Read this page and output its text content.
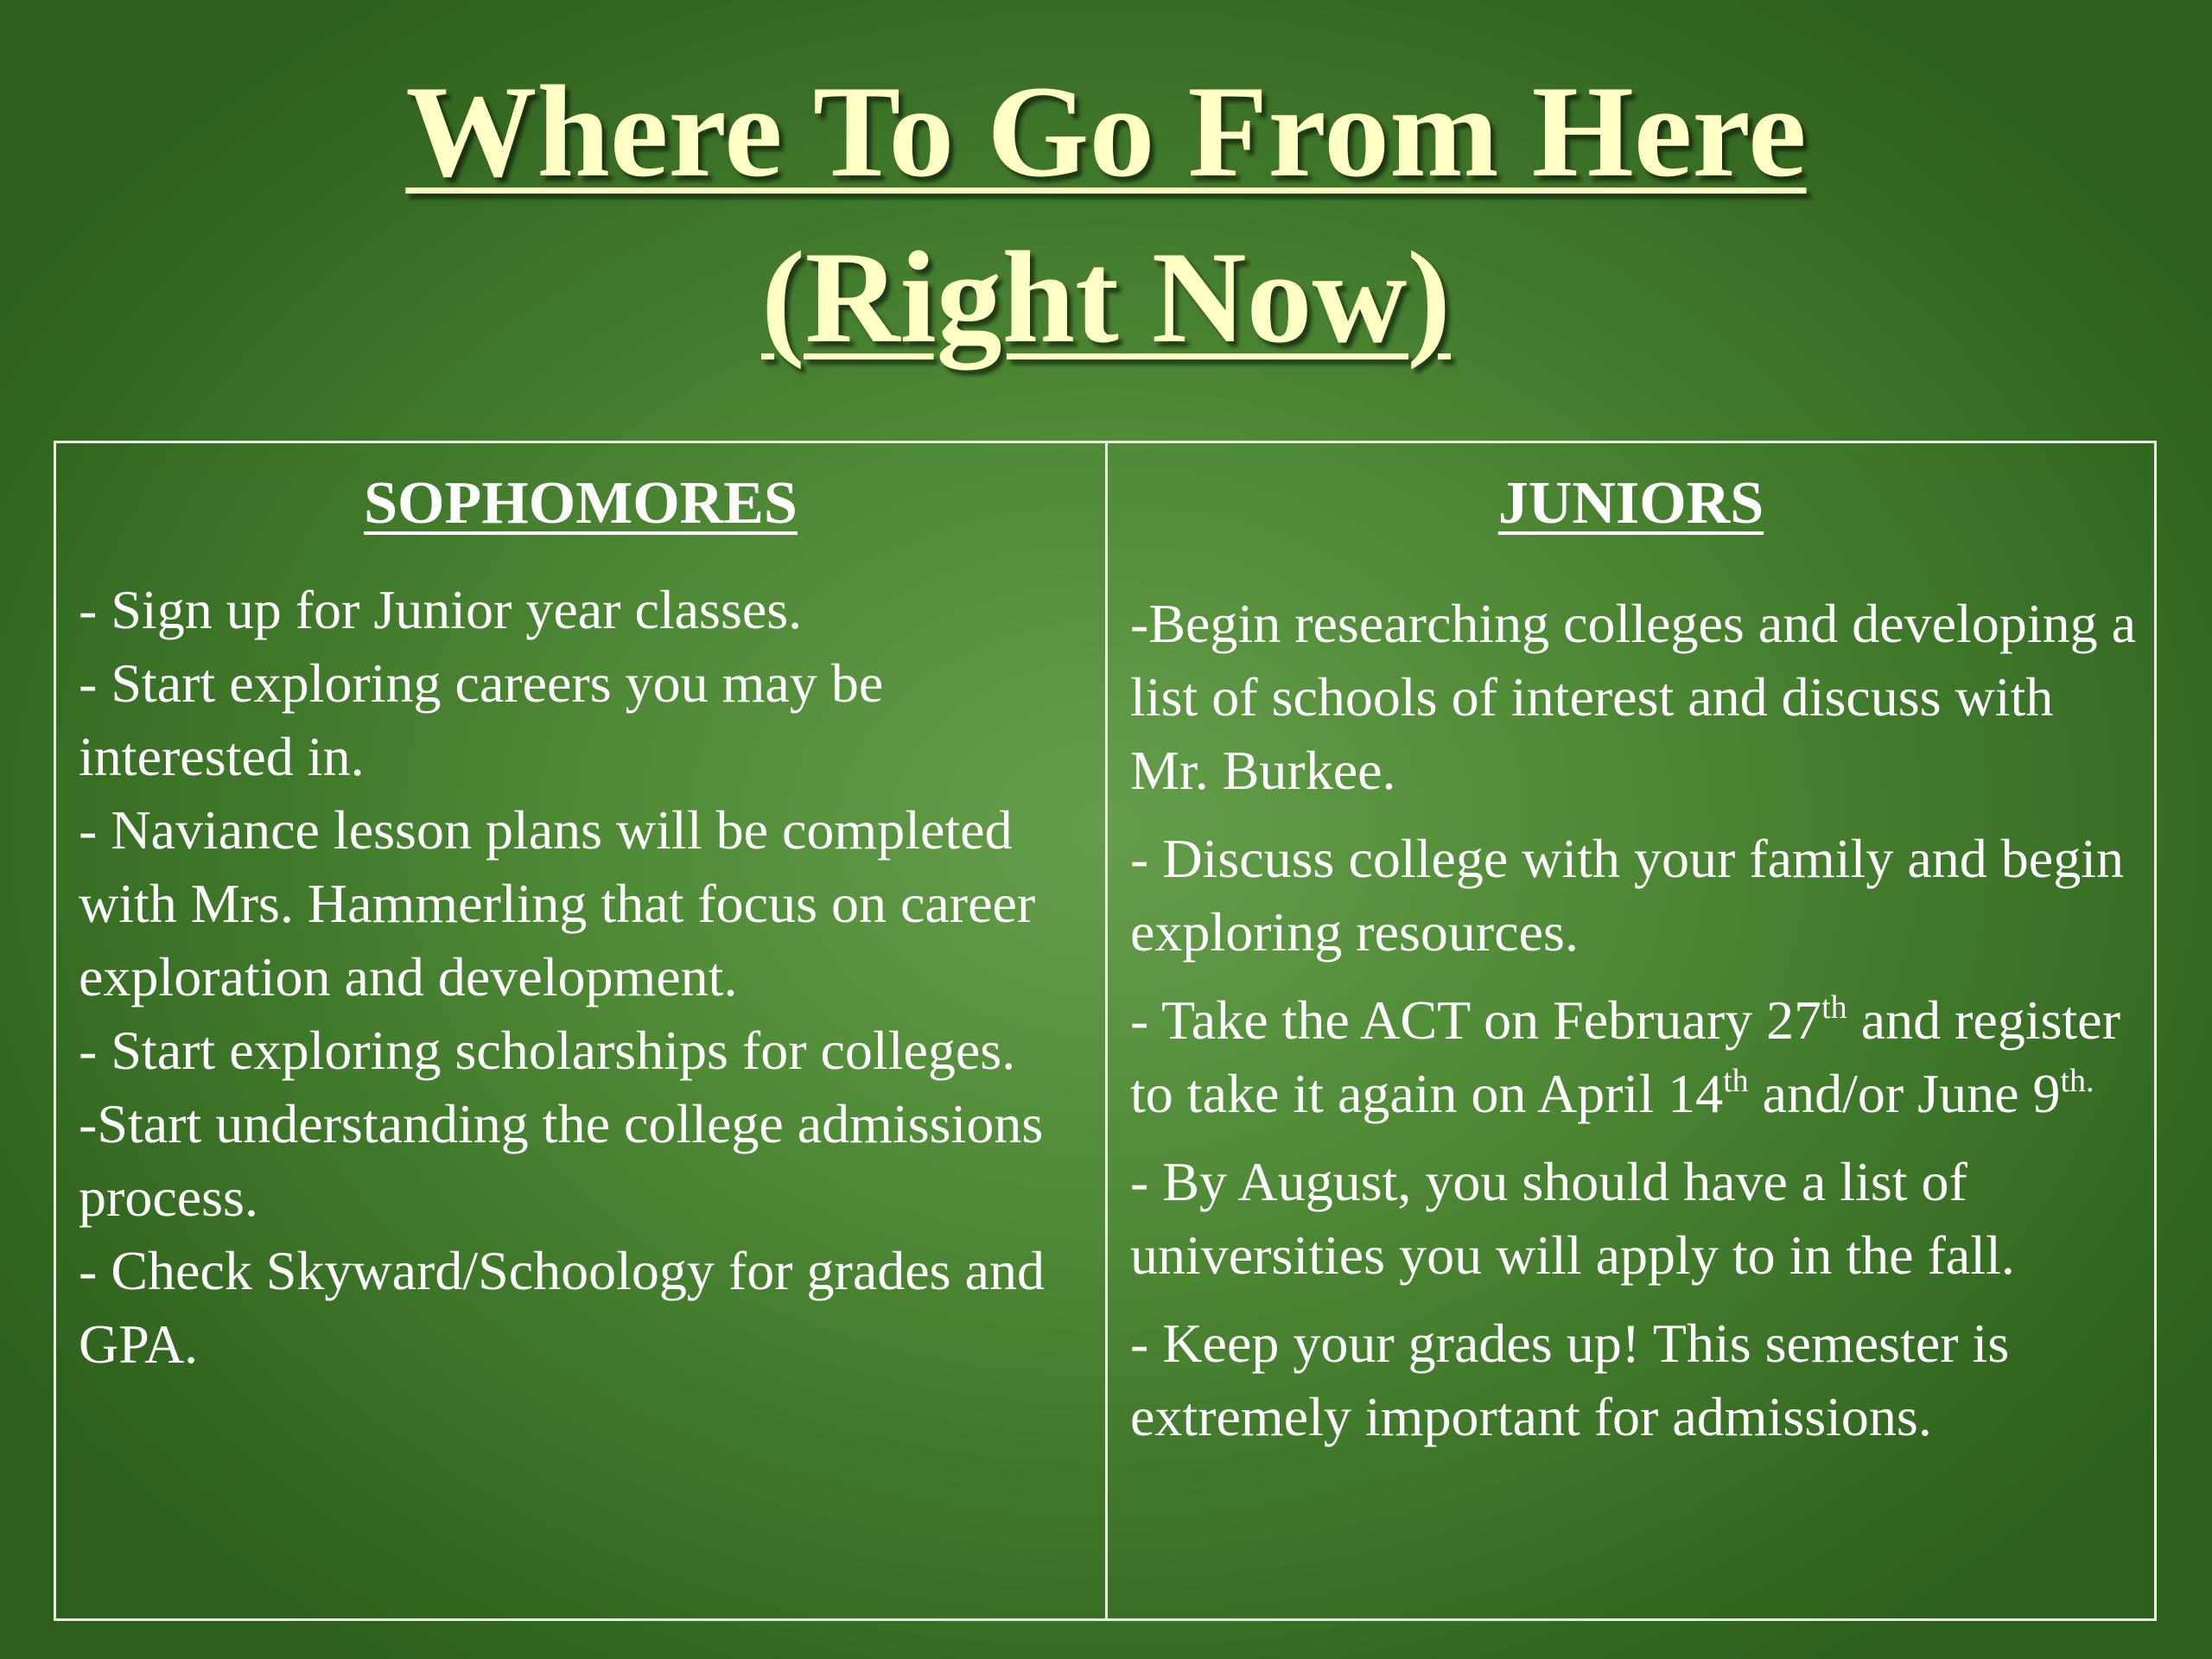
Where To Go From Here
(Right Now)
SOPHOMORES
- Sign up for Junior year classes.
- Start exploring careers you may be interested in.
- Naviance lesson plans will be completed with Mrs. Hammerling that focus on career exploration and development.
- Start exploring scholarships for colleges.
-Start understanding the college admissions process.
- Check Skyward/Schoology for grades and GPA.
JUNIORS
-Begin researching colleges and developing a list of schools of interest and discuss with Mr. Burkee.
- Discuss college with your family and begin exploring resources.
- Take the ACT on February 27th and register to take it again on April 14th and/or June $9^{th.}$
- By August, you should have a list of universities you will apply to in the fall.
- Keep your grades up! This semester is extremely important for admissions.
